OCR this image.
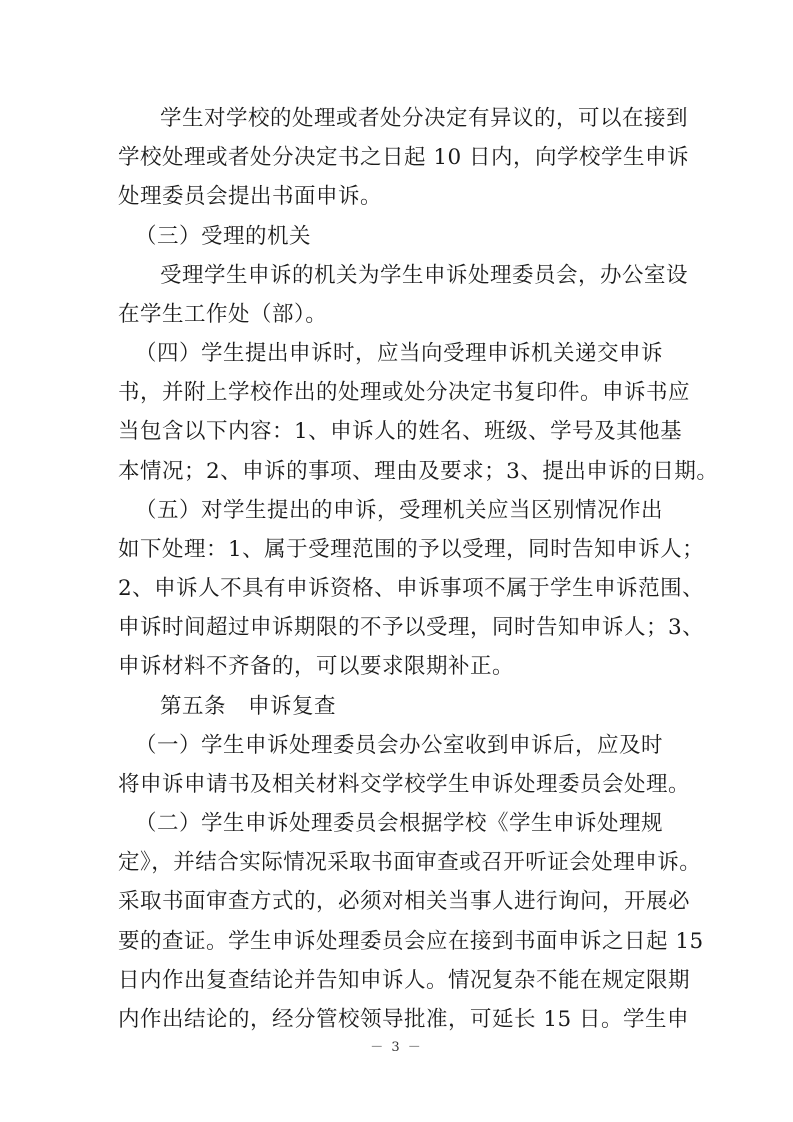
学生对学校的处理或者处分决定有异议的，可以在接到
学校处理或者处分决定书之日起 10 日内，向学校学生申诉
处理委员会提出书面申诉。
（三）受理的机关
受理学生申诉的机关为学生申诉处理委员会，办公室设
在学生工作处（部）。
（四）学生提出申诉时，应当向受理申诉机关递交申诉
书，并附上学校作出的处理或处分决定书复印件。申诉书应
当包含以下内容：1、申诉人的姓名、班级、学号及其他基
本情况；2、申诉的事项、理由及要求；3、提出申诉的日期。
（五）对学生提出的申诉，受理机关应当区别情况作出
如下处理：1、属于受理范围的予以受理，同时告知申诉人；
2、申诉人不具有申诉资格、申诉事项不属于学生申诉范围、
申诉时间超过申诉期限的不予以受理，同时告知申诉人；3、
申诉材料不齐备的，可以要求限期补正。
第五条　申诉复查
（一）学生申诉处理委员会办公室收到申诉后，应及时
将申诉申请书及相关材料交学校学生申诉处理委员会处理。
（二）学生申诉处理委员会根据学校《学生申诉处理规
定》，并结合实际情况采取书面审查或召开听证会处理申诉。
采取书面审查方式的，必须对相关当事人进行询问，开展必
要的查证。学生申诉处理委员会应在接到书面申诉之日起 15
日内作出复查结论并告知申诉人。情况复杂不能在规定限期
内作出结论的，经分管校领导批准，可延长 15 日。学生申
－ 3 －
